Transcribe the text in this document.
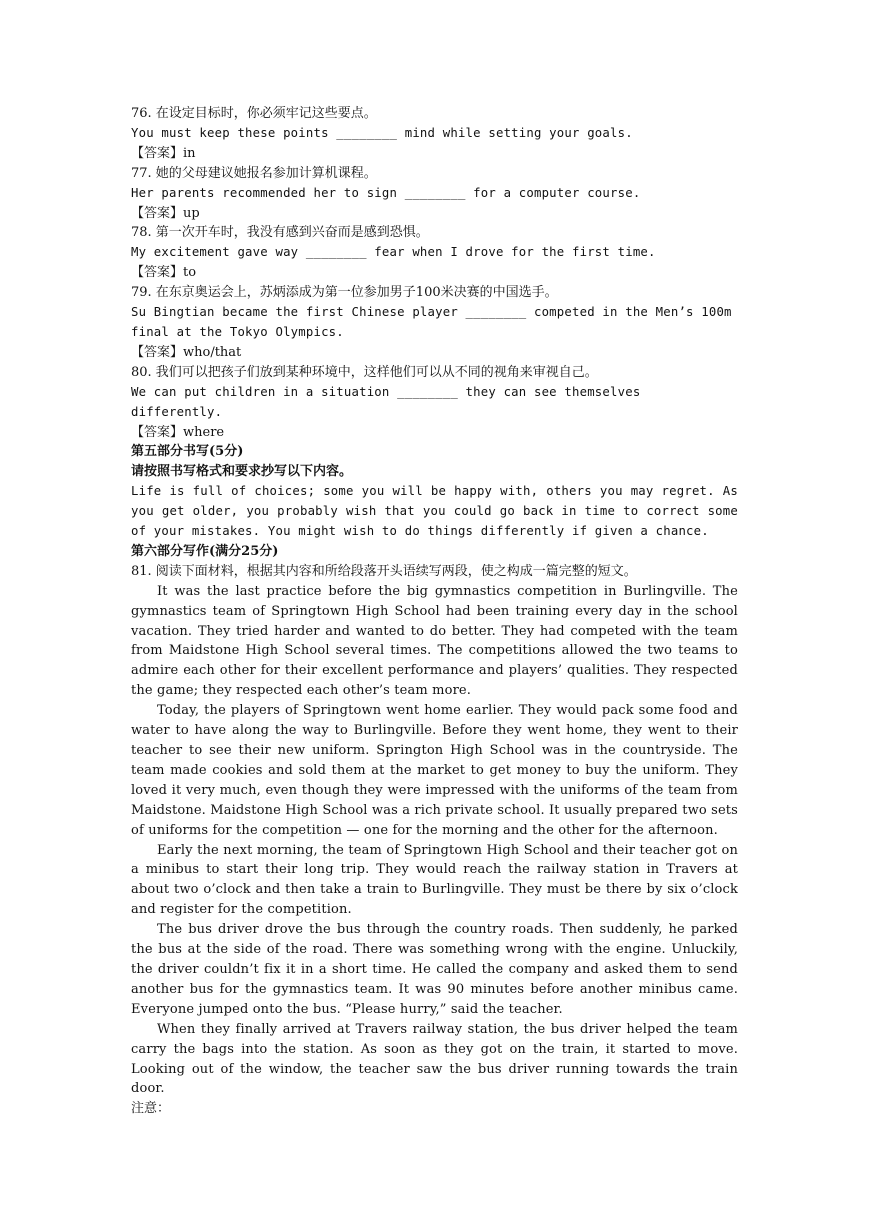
76. 在设定目标时，你必须牢记这些要点。
You must keep these points ________ mind while setting your goals.
【答案】in
77. 她的父母建议她报名参加计算机课程。
Her parents recommended her to sign ________ for a computer course.
【答案】up
78. 第一次开车时，我没有感到兴奋而是感到恐惧。
My excitement gave way ________ fear when I drove for the first time.
【答案】to
79. 在东京奥运会上，苏炳添成为第一位参加男子100米决赛的中国选手。
Su Bingtian became the first Chinese player ________ competed in the Men’s 100m final at the Tokyo Olympics.
【答案】who/that
80. 我们可以把孩子们放到某种环境中，这样他们可以从不同的视角来审视自己。
We can put children in a situation ________ they can see themselves differently.
【答案】where
第五部分书写(5分)
请按照书写格式和要求抄写以下内容。
Life is full of choices; some you will be happy with, others you may regret. As you get older, you probably wish that you could go back in time to correct some of your mistakes. You might wish to do things differently if given a chance.
第六部分写作(满分25分)
81. 阅读下面材料，根据其内容和所给段落开头语续写两段，使之构成一篇完整的短文。
It was the last practice before the big gymnastics competition in Burlingville. The gymnastics team of Springtown High School had been training every day in the school vacation. They tried harder and wanted to do better. They had competed with the team from Maidstone High School several times. The competitions allowed the two teams to admire each other for their excellent performance and players’ qualities. They respected the game; they respected each other’s team more.
Today, the players of Springtown went home earlier. They would pack some food and water to have along the way to Burlingville. Before they went home, they went to their teacher to see their new uniform. Springton High School was in the countryside. The team made cookies and sold them at the market to get money to buy the uniform. They loved it very much, even though they were impressed with the uniforms of the team from Maidstone. Maidstone High School was a rich private school. It usually prepared two sets of uniforms for the competition — one for the morning and the other for the afternoon.
Early the next morning, the team of Springtown High School and their teacher got on a minibus to start their long trip. They would reach the railway station in Travers at about two o’clock and then take a train to Burlingville. They must be there by six o’clock and register for the competition.
The bus driver drove the bus through the country roads. Then suddenly, he parked the bus at the side of the road. There was something wrong with the engine. Unluckily, the driver couldn’t fix it in a short time. He called the company and asked them to send another bus for the gymnastics team. It was 90 minutes before another minibus came. Everyone jumped onto the bus. “Please hurry,” said the teacher.
When they finally arrived at Travers railway station, the bus driver helped the team carry the bags into the station. As soon as they got on the train, it started to move. Looking out of the window, the teacher saw the bus driver running towards the train door.
注意：
